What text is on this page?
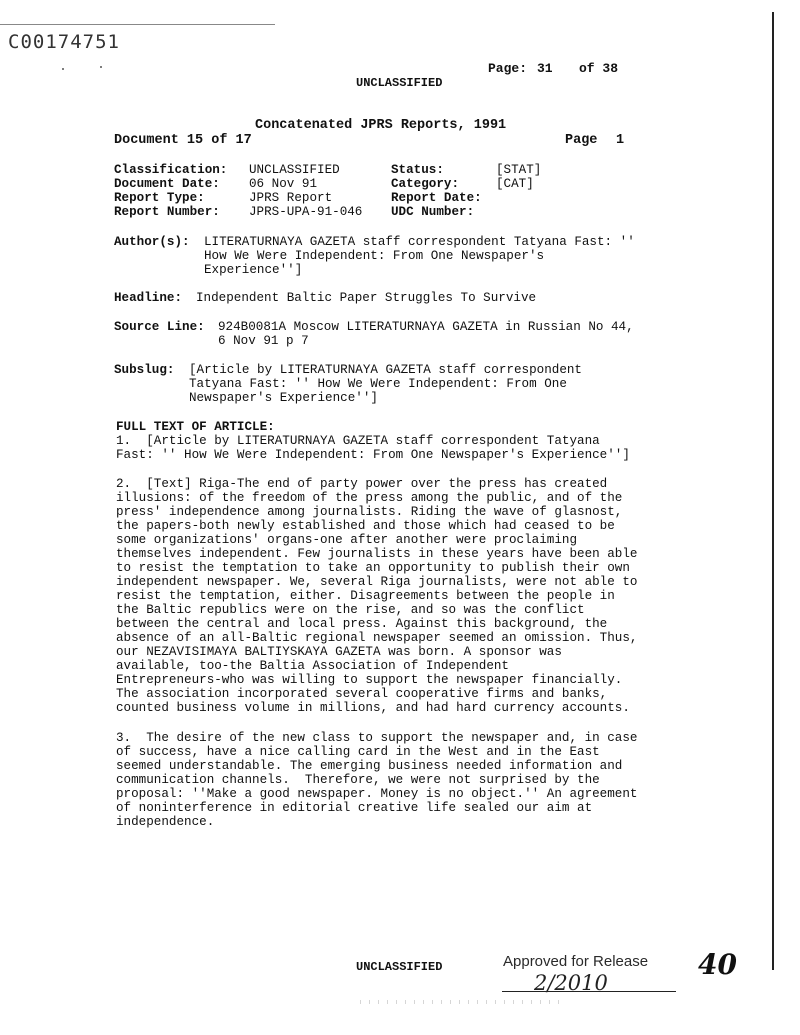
C00174751
Page: 31 of 38
UNCLASSIFIED
Concatenated JPRS Reports, 1991
Document 15 of 17	Page 1
Classification: UNCLASSIFIED	Status:	[STAT]
Document Date: 06 Nov 91	Category:	[CAT]
Report Type:	JPRS Report	Report Date:
Report Number: JPRS-UPA-91-046 UDC Number:
Author(s): LITERATURNAYA GAZETA staff correspondent Tatyana Fast: ''
How We Were Independent: From One Newspaper's
Experience'']
Headline: Independent Baltic Paper Struggles To Survive
Source Line: 924B0081A Moscow LITERATURNAYA GAZETA in Russian No 44,
6 Nov 91 p 7
Subslug: [Article by LITERATURNAYA GAZETA staff correspondent
Tatyana Fast: '' How We Were Independent: From One
Newspaper's Experience'']
FULL TEXT OF ARTICLE:
1.  [Article by LITERATURNAYA GAZETA staff correspondent Tatyana
Fast: '' How We Were Independent: From One Newspaper's Experience'']
2.  [Text] Riga-The end of party power over the press has created
illusions: of the freedom of the press among the public, and of the
press' independence among journalists. Riding the wave of glasnost,
the papers-both newly established and those which had ceased to be
some organizations' organs-one after another were proclaiming
themselves independent. Few journalists in these years have been able
to resist the temptation to take an opportunity to publish their own
independent newspaper. We, several Riga journalists, were not able to
resist the temptation, either. Disagreements between the people in
the Baltic republics were on the rise, and so was the conflict
between the central and local press. Against this background, the
absence of an all-Baltic regional newspaper seemed an omission. Thus,
our NEZAVISIMAYA BALTIYSKAYA GAZETA was born. A sponsor was
available, too-the Baltia Association of Independent
Entrepreneurs-who was willing to support the newspaper financially.
The association incorporated several cooperative firms and banks,
counted business volume in millions, and had hard currency accounts.
3.  The desire of the new class to support the newspaper and, in case
of success, have a nice calling card in the West and in the East
seemed understandable. The emerging business needed information and
communication channels.  Therefore, we were not surprised by the
proposal: ''Make a good newspaper. Money is no object.'' An agreement
of noninterference in editorial creative life sealed our aim at
independence.
UNCLASSIFIED	Approved for Release
2/2010
40
